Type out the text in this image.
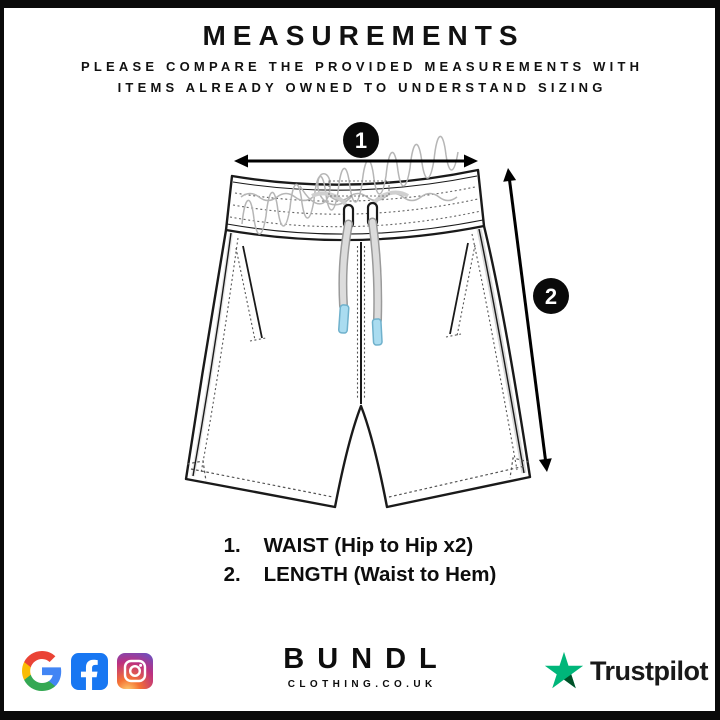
MEASUREMENTS
PLEASE COMPARE THE PROVIDED MEASUREMENTS WITH
ITEMS ALREADY OWNED TO UNDERSTAND SIZING
1
2
1.	WAIST (Hip to Hip x2)
2.	LENGTH (Waist to Hem)
BUNDL
CLOTHING.CO.UK	Trustpilot
